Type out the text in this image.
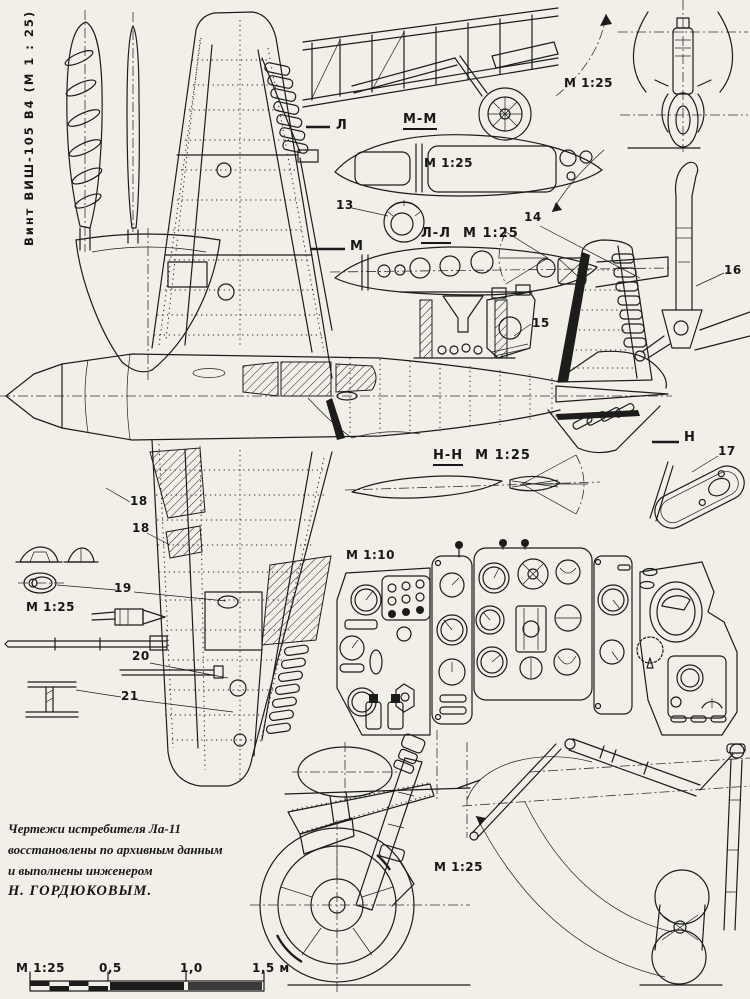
Винт ВИШ-105 В4 (М 1 : 25)	М 1:25
М-М
М 1:25
Л
13
М
Л-Л М 1:25
14
15
16
Н
17
Н-Н М 1:25
М 1:10
18
18
19
М 1:25
20
21
М 1:25
Чертежи истребителя Ла-11
восстановлены по архивным данным
и выполнены инженером
Н. ГОРДЮКОВЫМ.
М 1:25	0,5	1,0	1,5 м
